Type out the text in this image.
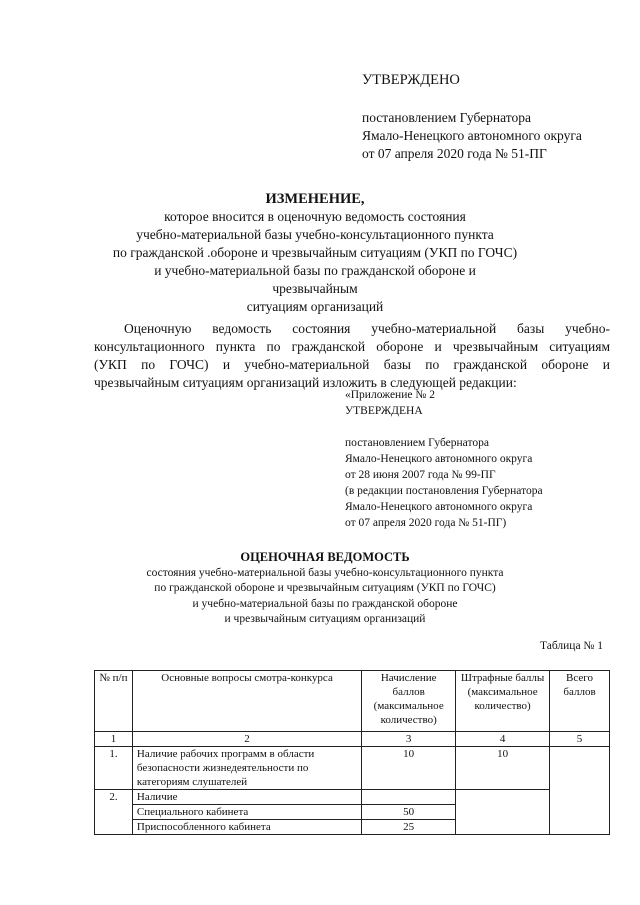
УТВЕРЖДЕНО
постановлением Губернатора
Ямало-Ненецкого автономного округа
от 07 апреля 2020 года № 51-ПГ
ИЗМЕНЕНИЕ,
которое вносится в оценочную ведомость состояния
учебно-материальной базы учебно-консультационного пункта
по гражданской .обороне и чрезвычайным ситуациям (УКП по ГОЧС)
и учебно-материальной базы по гражданской обороне и чрезвычайным
ситуациям организаций
Оценочную ведомость состояния учебно-материальной базы учебно-
консультационного пункта по гражданской обороне и чрезвычайным ситуациям
(УКП по ГОЧС) и учебно-материальной базы по гражданской обороне и
чрезвычайным ситуациям организаций изложить в следующей редакции:
«Приложение № 2
УТВЕРЖДЕНА
постановлением Губернатора
Ямало-Ненецкого автономного округа
от 28 июня 2007 года № 99-ПГ
(в редакции постановления Губернатора
Ямало-Ненецкого автономного округа
от 07 апреля 2020 года № 51-ПГ)
ОЦЕНОЧНАЯ ВЕДОМОСТЬ
состояния учебно-материальной базы учебно-консультационного пункта
по гражданской обороне и чрезвычайным ситуациям (УКП по ГОЧС)
и учебно-материальной базы по гражданской обороне
и чрезвычайным ситуациям организаций
Таблица № 1
№ п/п	Основные вопросы смотра-конкурса	Начисление баллов (максимальное количество)	Штрафные баллы (максимальное количество)	Всего баллов
1	2	3	4	5
1.	Наличие рабочих программ в области безопасности жизнедеятельности по категориям слушателей	10	10	
2.	Наличие			
	Специального кабинета	50		
	Приспособленного кабинета	25		
